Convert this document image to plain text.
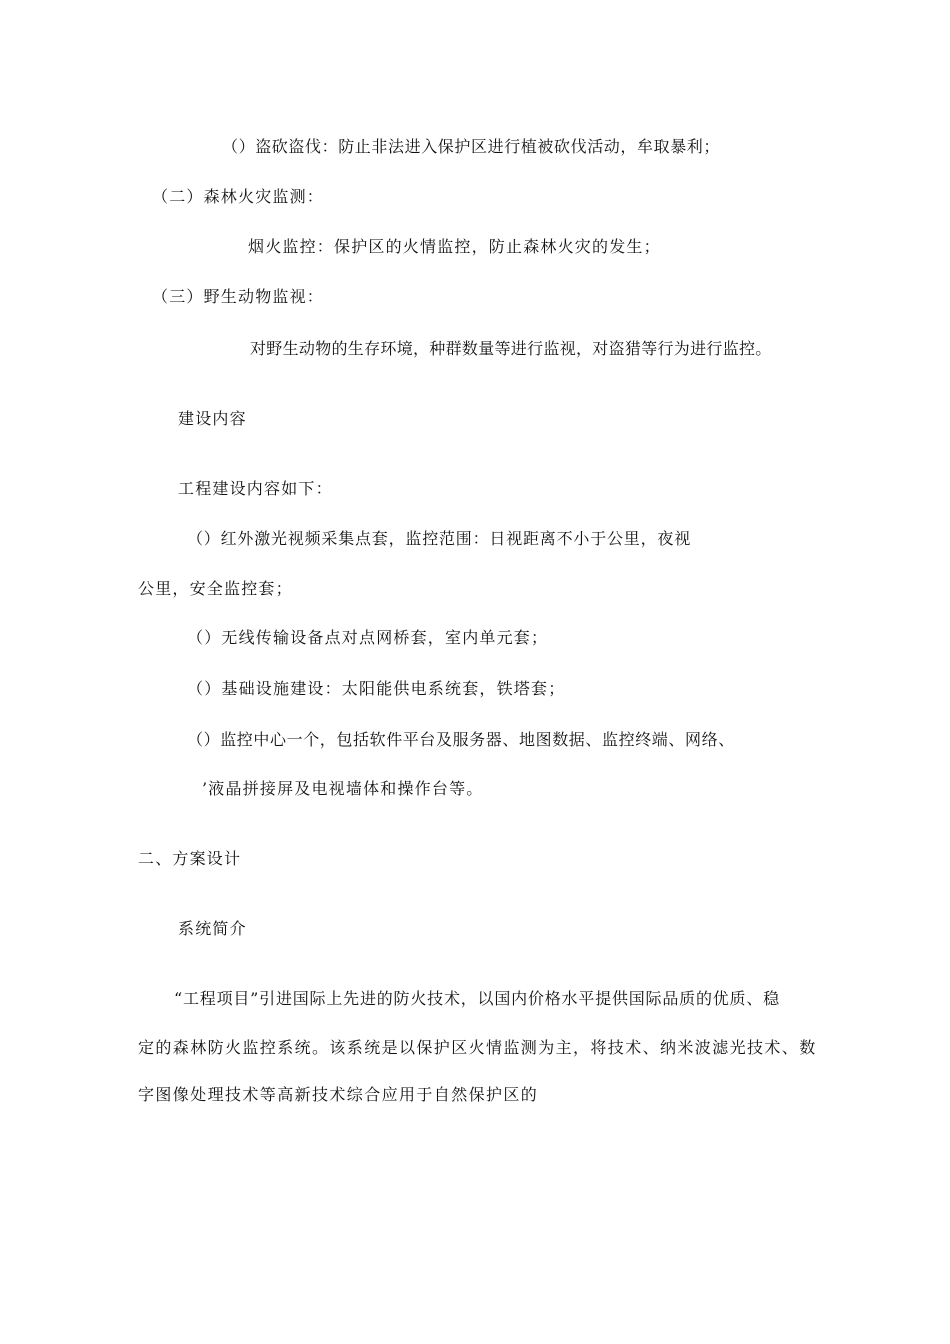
（）盗砍盗伐：防止非法进入保护区进行植被砍伐活动，牟取暴利；
（二）森林火灾监测：
烟火监控：保护区的火情监控，防止森林火灾的发生；
（三）野生动物监视：
对野生动物的生存环境，种群数量等进行监视，对盗猎等行为进行监控。
建设内容
工程建设内容如下：
（）红外激光视频采集点套，监控范围：日视距离不小于公里，夜视
公里，安全监控套；
（）无线传输设备点对点网桥套，室内单元套；
（）基础设施建设：太阳能供电系统套，铁塔套；
（）监控中心一个，包括软件平台及服务器、地图数据、监控终端、网络、
’液晶拼接屏及电视墙体和操作台等。
二、方案设计
系统简介
“工程项目”引进国际上先进的防火技术，以国内价格水平提供国际品质的优质、稳
定的森林防火监控系统。该系统是以保护区火情监测为主，将技术、纳米波滤光技术、数
字图像处理技术等高新技术综合应用于自然保护区的
